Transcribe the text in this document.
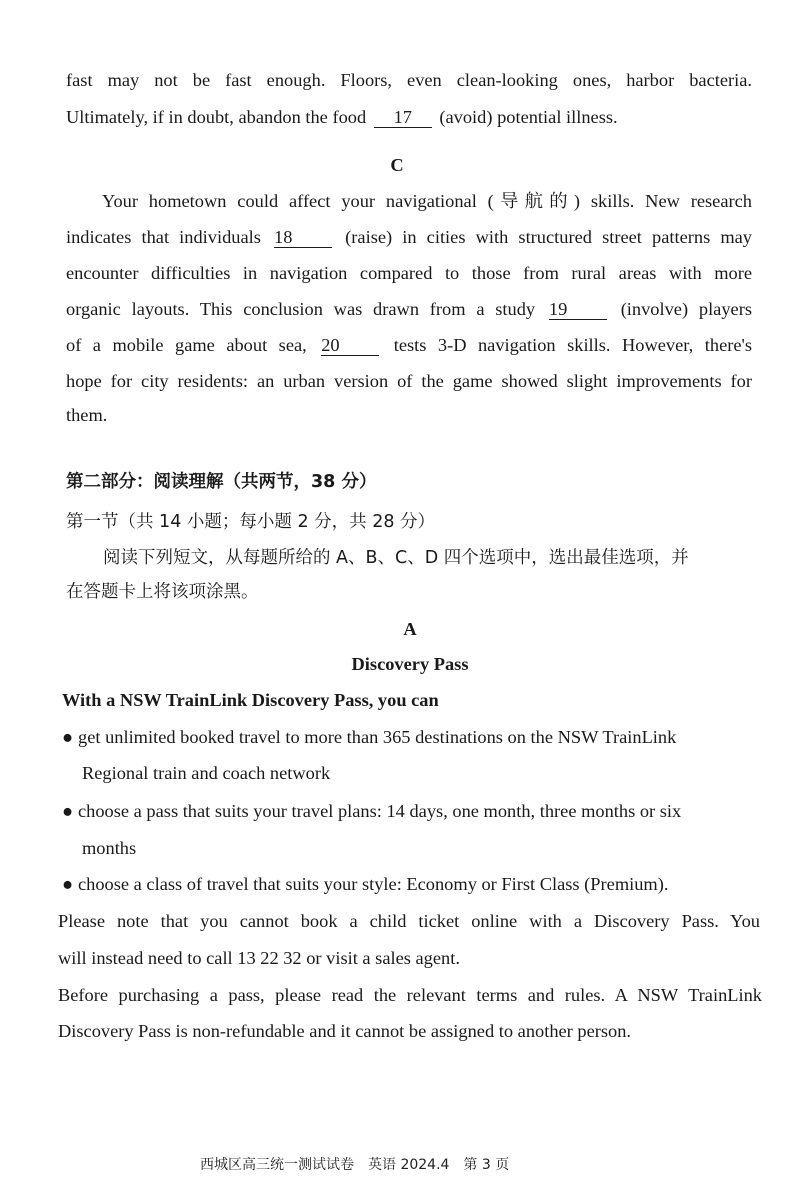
fast may not be fast enough. Floors, even clean-looking ones, harbor bacteria.
Ultimately, if in doubt, abandon the food 17 (avoid) potential illness.
C
Your hometown could affect your navigational (导航的) skills. New research
indicates that individuals 18	(raise) in cities with structured street patterns may
encounter difficulties in navigation compared to those from rural areas with more
organic layouts. This conclusion was drawn from a study 19	(involve) players
of a mobile game about sea, 20	tests 3-D navigation skills. However, there's
hope for city residents: an urban version of the game showed slight improvements for
them.
第二部分：阅读理解（共两节，38 分）
第一节（共 14 小题；每小题 2 分，共 28 分）
阅读下列短文，从每题所给的 A、B、C、D 四个选项中，选出最佳选项，并
在答题卡上将该项涂黑。
A
Discovery Pass
With a NSW TrainLink Discovery Pass, you can
● get unlimited booked travel to more than 365 destinations on the NSW TrainLink
Regional train and coach network
● choose a pass that suits your travel plans: 14 days, one month, three months or six
months
● choose a class of travel that suits your style: Economy or First Class (Premium).
Please note that you cannot book a child ticket online with a Discovery Pass. You
will instead need to call 13 22 32 or visit a sales agent.
Before purchasing a pass, please read the relevant terms and rules. A NSW TrainLink
Discovery Pass is non-refundable and it cannot be assigned to another person.
西城区高三统一测试试卷　英语 2024.4　第 3 页
